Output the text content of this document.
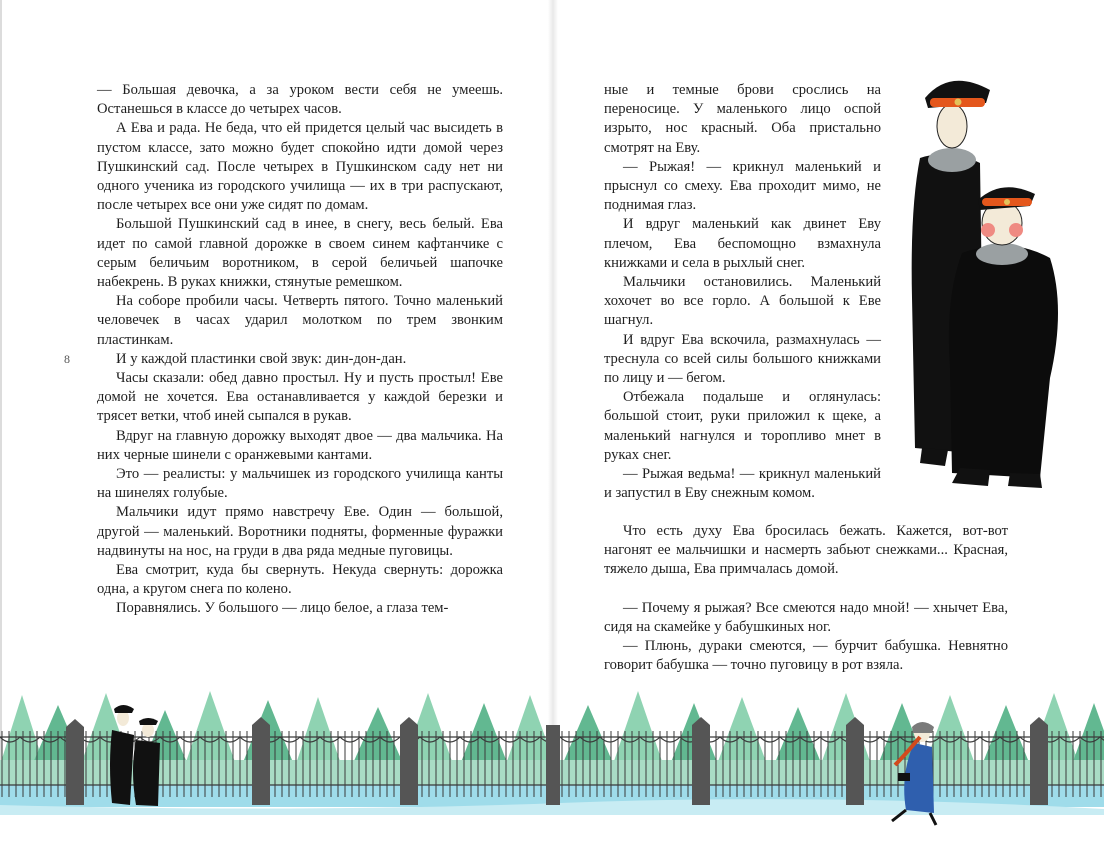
8

— Большая девочка, а за уроком вести себя не умеешь. Останешься в классе до четырех часов.

А Ева и рада. Не беда, что ей придется целый час высидеть в пустом классе, зато можно будет спокойно идти домой через Пушкинский сад. После четырех в Пушкинском саду нет ни одного ученика из городского училища — их в три распускают, после четырех все они уже сидят по домам.

Большой Пушкинский сад в инее, в снегу, весь белый. Ева идет по самой главной дорожке в своем синем кафтанчике с серым беличьим воротником, в серой беличьей шапочке набекрень. В руках книжки, стянутые ремешком.

На соборе пробили часы. Четверть пятого. Точно маленький человечек в часах ударил молотком по трем звонким пластинкам.

И у каждой пластинки свой звук: дин-дон-дан.

Часы сказали: обед давно простыл. Ну и пусть простыл! Еве домой не хочется. Ева останавливается у каждой березки и трясет ветки, чтоб иней сыпался в рукав.

Вдруг на главную дорожку выходят двое — два мальчика. На них черные шинели с оранжевыми кантами.

Это — реалисты: у мальчишек из городского училища канты на шинелях голубые.

Мальчики идут прямо навстречу Еве. Один — большой, другой — маленький. Воротники подняты, форменные фуражки надвинуты на нос, на груди в два ряда медные пуговицы.

Ева смотрит, куда бы свернуть. Некуда свернуть: дорожка одна, а кругом снега по колено.

Поравнялись. У большого — лицо белое, а глаза тем-

ные и темные брови срослись на переносице. У маленького лицо оспой изрыто, нос красный. Оба пристально смотрят на Еву.

— Рыжая! — крикнул маленький и прыснул со смеху. Ева проходит мимо, не поднимая глаз.

И вдруг маленький как двинет Еву плечом, Ева беспомощно взмахнула книжками и села в рыхлый снег.

Мальчики остановились. Маленький хохочет во все горло. А большой к Еве шагнул.

И вдруг Ева вскочила, размахнулась — треснула со всей силы большого книжками по лицу и — бегом.

Отбежала подальше и оглянулась: большой стоит, руки приложил к щеке, а маленький нагнулся и торопливо мнет в руках снег.

— Рыжая ведьма! — крикнул маленький и запустил в Еву снежным комом.

Что есть духу Ева бросилась бежать. Кажется, вот-вот нагонят ее мальчишки и насмерть забьют снежками... Красная, тяжело дыша, Ева примчалась домой.

— Почему я рыжая? Все смеются надо мной! — хнычет Ева, сидя на скамейке у бабушкиных ног.

— Плюнь, дураки смеются, — бурчит бабушка. Невнятно говорит бабушка — точно пуговицу в рот взяла.
